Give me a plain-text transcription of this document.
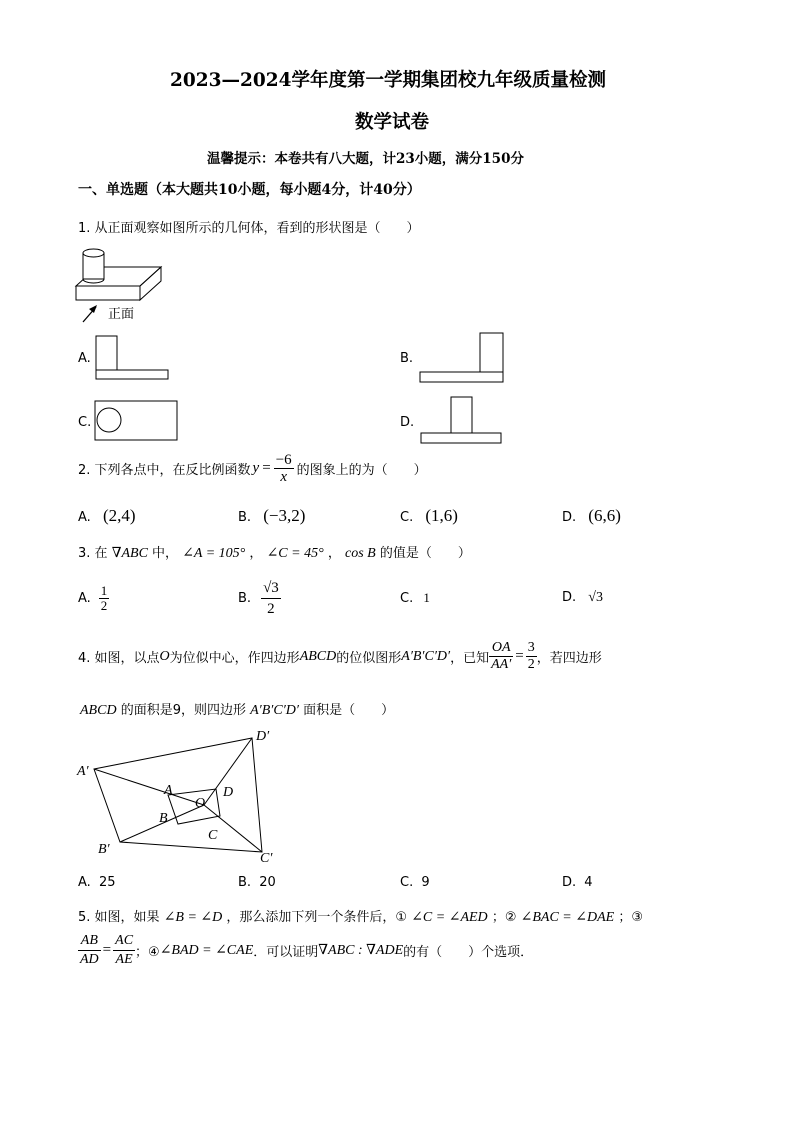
2023—2024学年度第一学期集团校九年级质量检测
数学试卷
温馨提示：本卷共有八大题，计23小题，满分150分
一、单选题（本大题共10小题，每小题4分，计40分）
1. 从正面观察如图所示的几何体，看到的形状图是（　　）
正面
A.	B.
C.	D.
2. 下列各点中，在反比例函数 $y = \frac{-6}{x}$ 的图象上的为（　　）
A. (2,4)	B. (−3,2)	C. (1,6)	D. (6,6)
3. 在 ∇ABC 中， ∠A = 105° ， ∠C = 45° ， cos B 的值是（　　）
A. $\frac{1}{2}$	B. $\frac{√3}{2}$	C. 1	D. √3
4. 如图，以点 O 为位似中心，作四边形 ABCD 的位似图形 A′B′C′D′ ，已知 $\frac{OA}{AA'} = \frac{3}{2}$ ，若四边形
ABCD 的面积是9，则四边形 A′B′C′D′ 面积是（　　）
A′
D′
B′
C′
A
B
C
D
O
A. 25	B. 20	C. 9	D. 4
5. 如图，如果 ∠B = ∠D ，那么添加下列一个条件后，① ∠C = ∠AED ；② ∠BAC = ∠DAE ；③
$\frac{AB}{AD} = \frac{AC}{AE}$ ；④ ∠BAD = ∠CAE ．可以证明 ∇ABC : ∇ADE 的有（　　）个选项．
